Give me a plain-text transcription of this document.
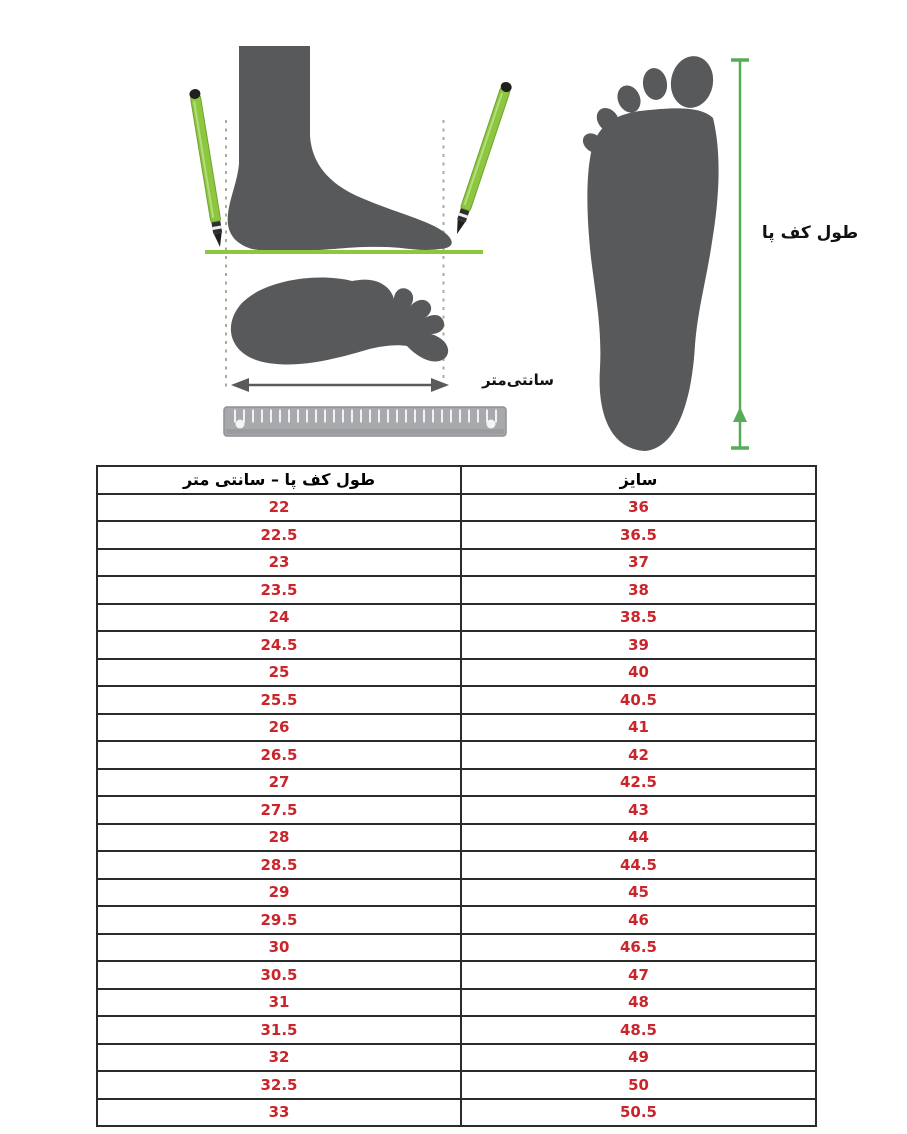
سانتی‌متر
طول کف پا
طول کف پا – سانتی متر	سایز
22	36
22.5	36.5
23	37
23.5	38
24	38.5
24.5	39
25	40
25.5	40.5
26	41
26.5	42
27	42.5
27.5	43
28	44
28.5	44.5
29	45
29.5	46
30	46.5
30.5	47
31	48
31.5	48.5
32	49
32.5	50
33	50.5
